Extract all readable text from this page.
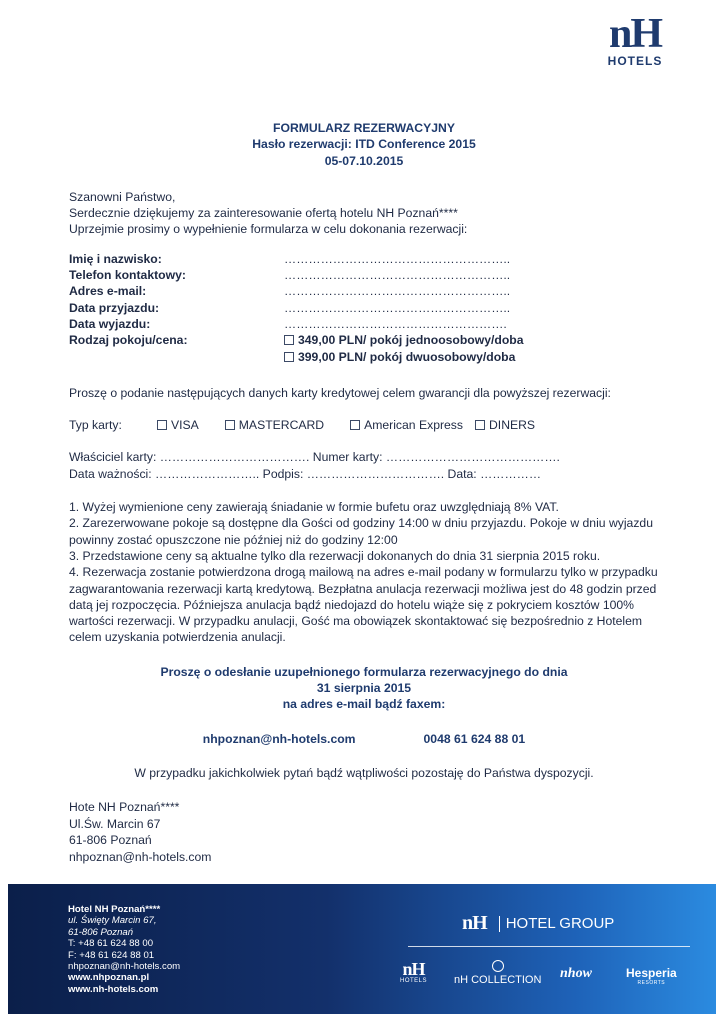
nH
HOTELS
FORMULARZ REZERWACYJNY
Hasło rezerwacji: ITD Conference 2015
05-07.10.2015
Szanowni Państwo,
Serdecznie dziękujemy za zainteresowanie ofertą hotelu NH Poznań****
Uprzejmie prosimy o wypełnienie formularza w celu dokonania rezerwacji:
Imię i nazwisko:	………………………………………………..
Telefon kontaktowy:	………………………………………………..
Adres e-mail:	………………………………………………..
Data przyjazdu:	………………………………………………..
Data wyjazdu:	……………………………………………….
Rodzaj pokoju/cena:	349,00 PLN/ pokój jednoosobowy/doba
399,00 PLN/ pokój dwuosobowy/doba
Proszę o podanie następujących danych karty kredytowej celem gwarancji dla powyższej rezerwacji:
Typ karty:	VISA	MASTERCARD	American Express	DINERS
Właściciel karty: ………………………………. Numer karty: …………………………………….
Data ważności: …………………….. Podpis: ……………………………. Data: ……………

1. Wyżej wymienione ceny zawierają śniadanie w formie bufetu oraz uwzględniają 8% VAT.

2. Zarezerwowane pokoje są dostępne dla Gości od godziny 14:00 w dniu przyjazdu. Pokoje w dniu wyjazdu powinny zostać opuszczone nie później niż do godziny 12:00

3. Przedstawione ceny są aktualne tylko dla rezerwacji dokonanych do dnia 31 sierpnia 2015 roku.

4. Rezerwacja zostanie potwierdzona drogą mailową na adres e-mail podany w formularzu tylko w przypadku zagwarantowania rezerwacji kartą kredytową. Bezpłatna anulacja rezerwacji możliwa jest do 48 godzin przed datą jej rozpoczęcia. Późniejsza anulacja bądź niedojazd do hotelu wiąże się z pokryciem kosztów 100% wartości rezerwacji. W przypadku anulacji, Gość ma obowiązek skontaktować się bezpośrednio z Hotelem celem uzyskania potwierdzenia anulacji.

Proszę o odesłanie uzupełnionego formularza rezerwacyjnego do dnia
31 sierpnia 2015
na adres e-mail bądź faxem:
nhpoznan@nh-hotels.com	0048 61 624 88 01
W przypadku jakichkolwiek pytań bądź wątpliwości pozostaję do Państwa dyspozycji.
Hote NH Poznań****
Ul.Św. Marcin 67
61-806 Poznań
nhpoznan@nh-hotels.com
Hotel NH Poznań****
ul. Święty Marcin 67,
61-806 Poznań
T: +48 61 624 88 00
F: +48 61 624 88 01
nhpoznan@nh-hotels.com
www.nhpoznan.pl
www.nh-hotels.com
nH HOTEL GROUP
nH
HOTELS nH COLLECTION nhow	Hesperia
RESORTS
